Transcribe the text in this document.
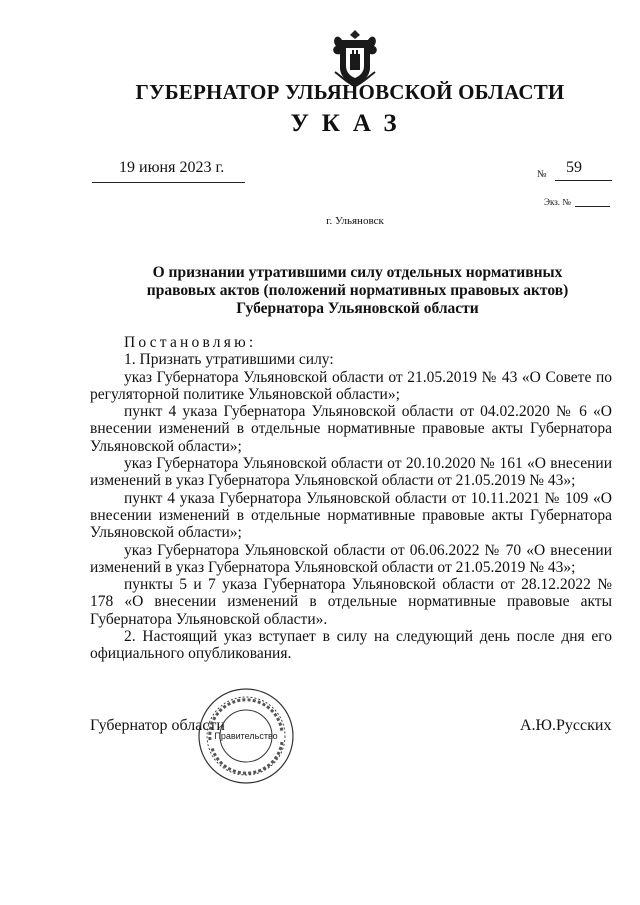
ГУБЕРНАТОР УЛЬЯНОВСКОЙ ОБЛАСТИ
УКАЗ
19 июня 2023 г.	№ 59
Экз. №
г. Ульяновск
О признании утратившими силу отдельных нормативных
правовых актов (положений нормативных правовых актов)
Губернатора Ульяновской области
Постановляю:
1. Признать утратившими силу:
указ Губернатора Ульяновской области от 21.05.2019 № 43 «О Совете по регуляторной политике Ульяновской области»;
пункт 4 указа Губернатора Ульяновской области от 04.02.2020 № 6 «О внесении изменений в отдельные нормативные правовые акты Губернатора Ульяновской области»;
указ Губернатора Ульяновской области от 20.10.2020 № 161 «О внесении изменений в указ Губернатора Ульяновской области от 21.05.2019 № 43»;
пункт 4 указа Губернатора Ульяновской области от 10.11.2021 № 109 «О внесении изменений в отдельные нормативные правовые акты Губернатора Ульяновской области»;
указ Губернатора Ульяновской области от 06.06.2022 № 70 «О внесении изменений в указ Губернатора Ульяновской области от 21.05.2019 № 43»;
пункты 5 и 7 указа Губернатора Ульяновской области от 28.12.2022 № 178 «О внесении изменений в отдельные нормативные правовые акты Губернатора Ульяновской области».
2. Настоящий указ вступает в силу на следующий день после дня его официального опубликования.
Губернатор области	А.Ю.Русских
Правительство
